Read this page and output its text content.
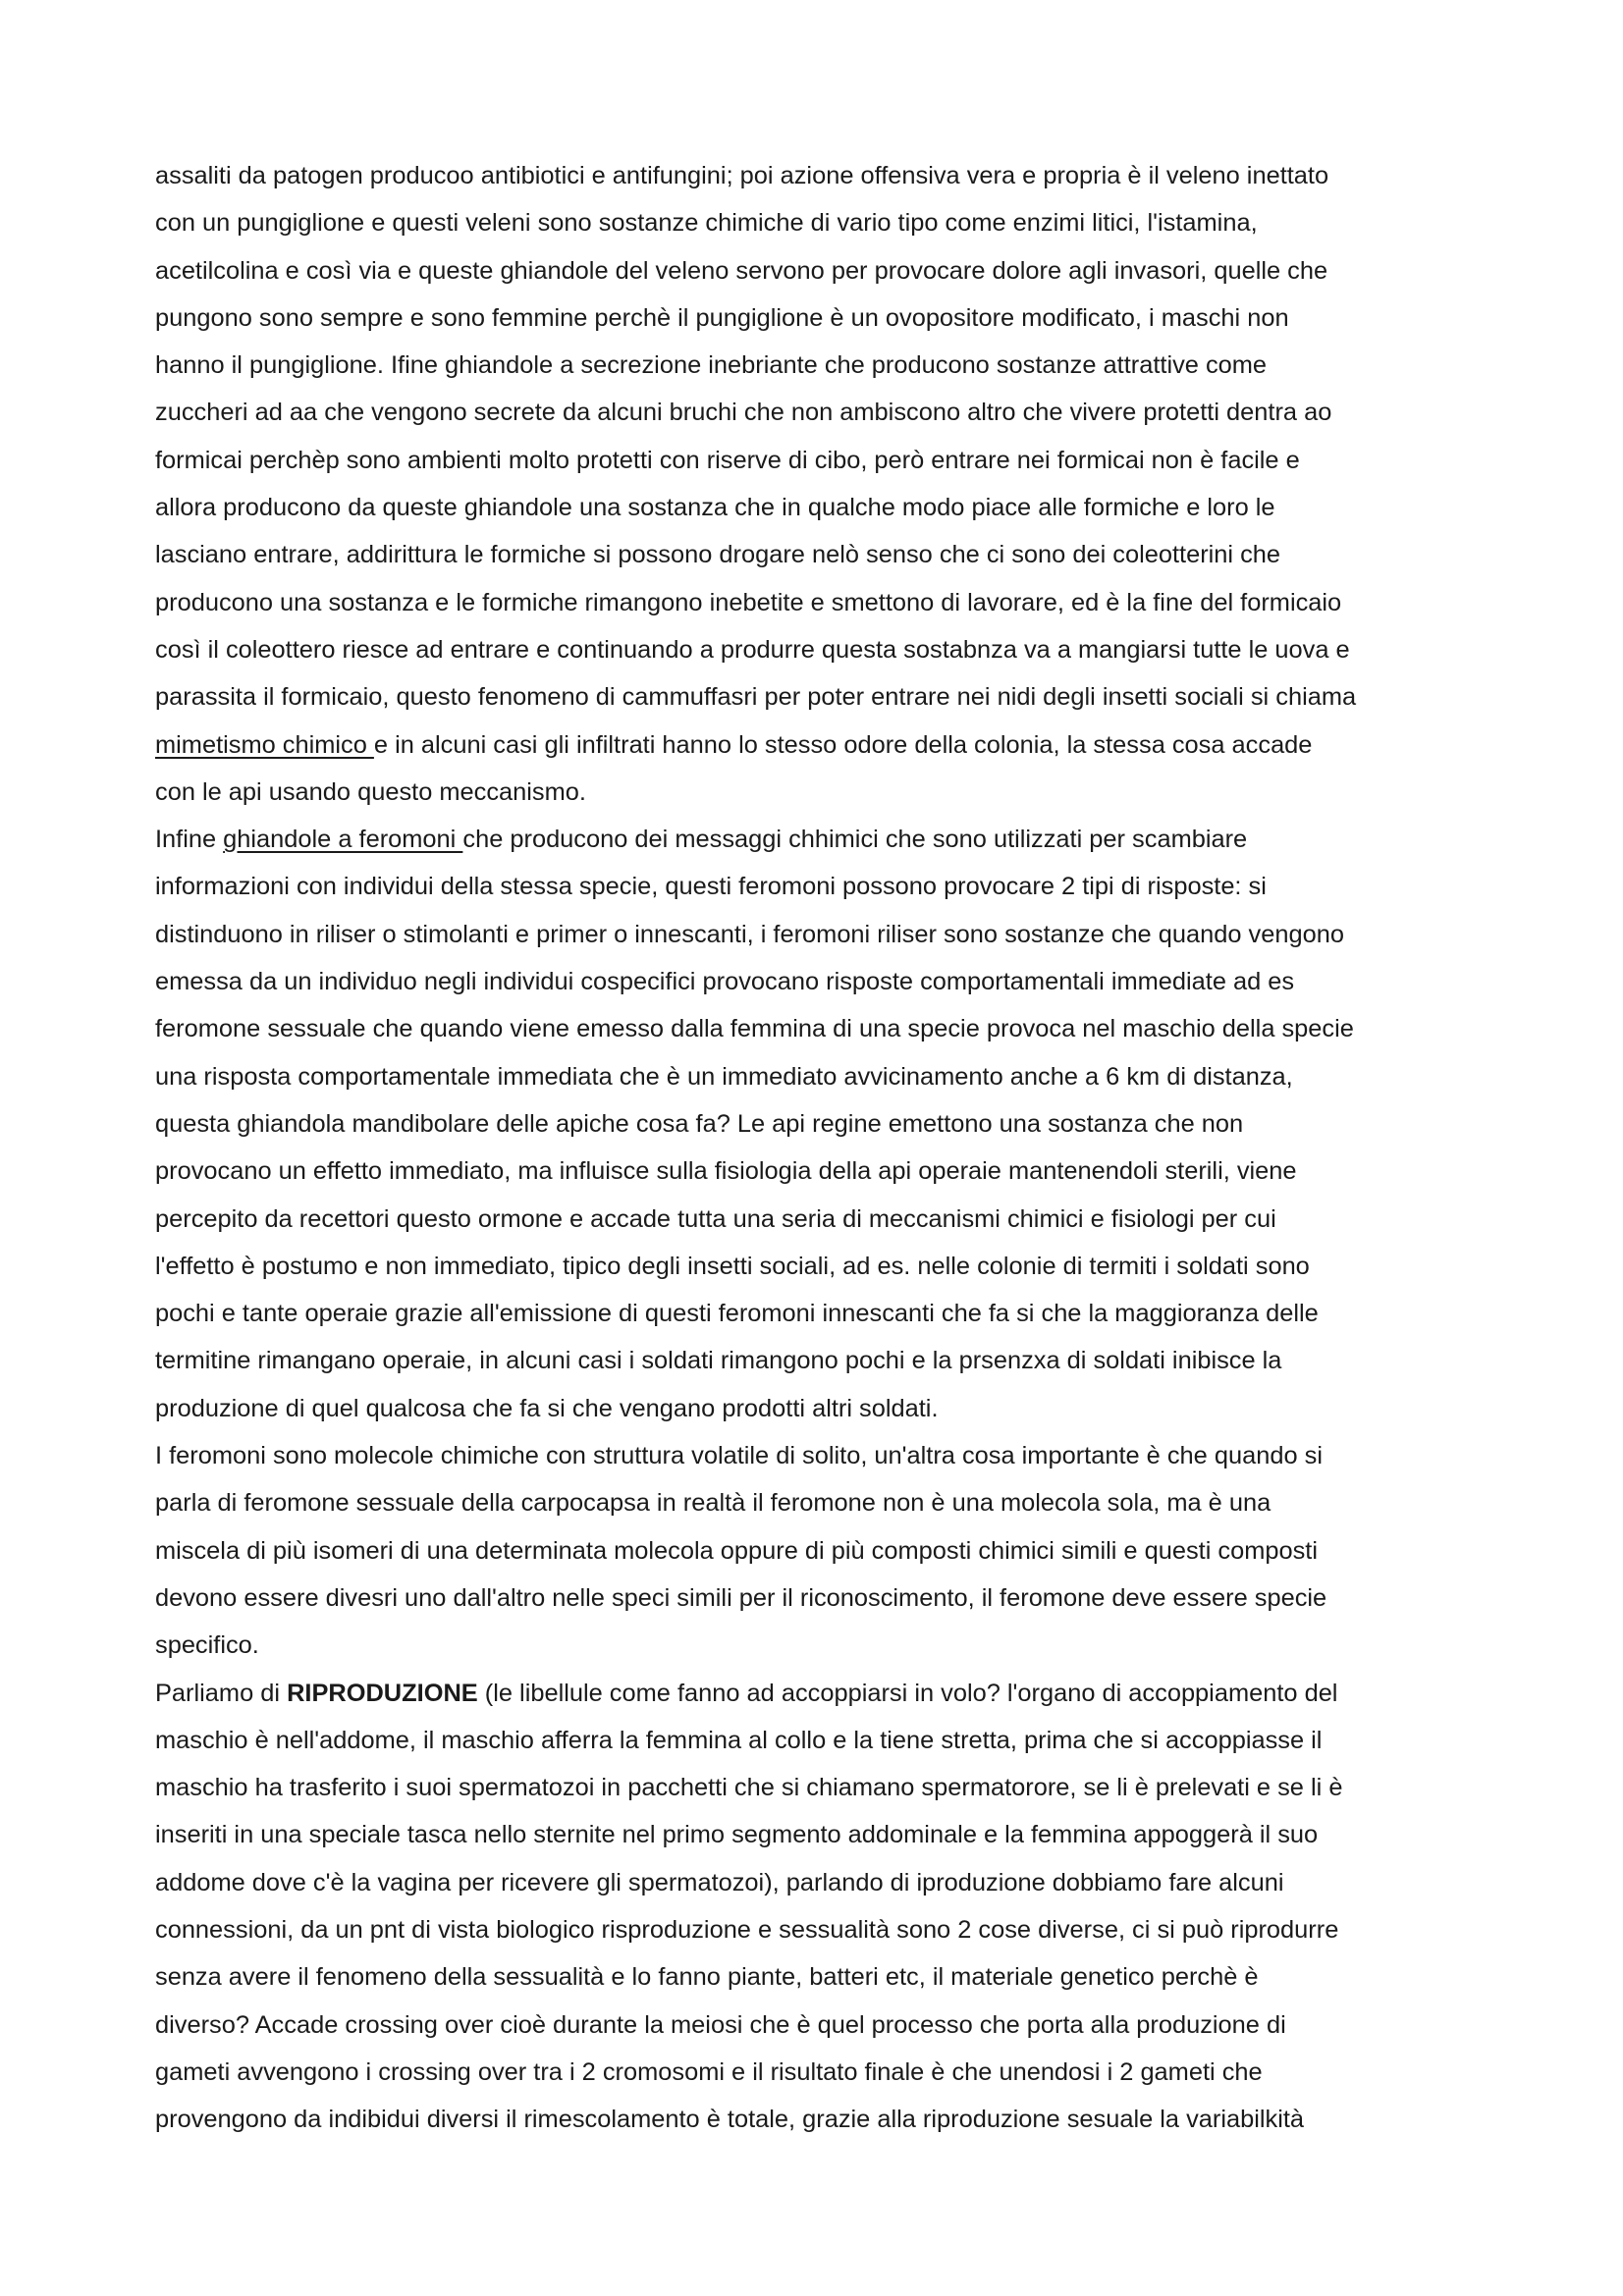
assaliti da patogen producoo antibiotici e antifungini; poi azione offensiva vera e propria è il veleno inettato
con un pungiglione e questi veleni sono sostanze chimiche di vario tipo come enzimi litici, l'istamina,
acetilcolina e così via e queste ghiandole del veleno servono per provocare dolore agli invasori, quelle che
pungono sono sempre e sono femmine perchè il pungiglione è un ovopositore modificato, i maschi non
hanno il pungiglione. Ifine ghiandole a secrezione inebriante che producono sostanze attrattive come
zuccheri ad aa che vengono secrete da alcuni bruchi che non ambiscono altro che vivere protetti dentra ao
formicai perchèp sono ambienti molto protetti con riserve di cibo, però entrare nei formicai non è facile e
allora producono da queste ghiandole una sostanza che in qualche modo piace alle formiche e loro le
lasciano entrare, addirittura le formiche si possono drogare nelò senso che ci sono dei coleotterini che
producono una sostanza e le formiche rimangono inebetite e smettono di lavorare, ed è la fine del formicaio
così il coleottero riesce ad entrare e continuando a produrre questa sostabnza va a mangiarsi tutte le uova e
parassita il formicaio, questo fenomeno di cammuffasri per poter entrare nei nidi degli insetti sociali si chiama
mimetismo chimico e in alcuni casi gli infiltrati hanno lo stesso odore della colonia, la stessa cosa accade
con le api usando questo meccanismo.
Infine ghiandole a feromoni che producono dei messaggi chhimici che sono utilizzati per scambiare
informazioni con individui della stessa specie, questi feromoni possono provocare 2 tipi di risposte: si
distinduono in riliser o stimolanti e primer o innescanti, i feromoni riliser sono sostanze che quando vengono
emessa da un individuo negli individui cospecifici provocano risposte comportamentali immediate ad es
feromone sessuale che quando viene emesso dalla femmina di una specie provoca nel maschio della specie
una risposta comportamentale immediata che è un immediato avvicinamento anche a 6 km di distanza,
questa ghiandola mandibolare delle apiche cosa fa? Le api regine emettono una sostanza che non
provocano un effetto immediato, ma influisce sulla fisiologia della api operaie mantenendoli sterili, viene
percepito da recettori questo ormone e accade tutta una seria di meccanismi chimici e fisiologi per cui
l'effetto è postumo e non immediato, tipico degli insetti sociali, ad es. nelle colonie di termiti i soldati sono
pochi e tante operaie grazie all'emissione di questi feromoni innescanti che fa si che la maggioranza delle
termitine rimangano operaie, in alcuni casi i soldati rimangono pochi e la prsenzxa di soldati inibisce la
produzione di quel qualcosa che fa si che vengano prodotti altri soldati.
I feromoni sono molecole chimiche con struttura volatile di solito, un'altra cosa importante è che quando si
parla di feromone sessuale della carpocapsa in realtà il feromone non è una molecola sola, ma è una
miscela di più isomeri di una determinata molecola oppure di più composti chimici simili e questi composti
devono essere divesri uno dall'altro nelle speci simili per il riconoscimento, il feromone deve essere specie
specifico.
Parliamo di RIPRODUZIONE (le libellule come fanno ad accoppiarsi in volo? l'organo di accoppiamento del
maschio è nell'addome, il maschio afferra la femmina al collo e la tiene stretta, prima che si accoppiasse il
maschio ha trasferito i suoi spermatozoi in pacchetti che si chiamano spermatorore, se li è prelevati e se li è
inseriti in una speciale tasca nello sternite nel primo segmento addominale e la femmina appoggerà il suo
addome dove c'è la vagina per ricevere gli spermatozoi), parlando di iproduzione dobbiamo fare alcuni
connessioni, da un pnt di vista biologico risproduzione e sessualità sono 2 cose diverse, ci si può riprodurre
senza avere il fenomeno della sessualità e lo fanno piante, batteri etc, il materiale genetico perchè è
diverso? Accade crossing over cioè durante la meiosi che è quel processo che porta alla produzione di
gameti avvengono i crossing over tra i 2 cromosomi e il risultato finale è che unendosi i 2 gameti che
provengono da indibidui diversi il rimescolamento è totale, grazie alla riproduzione sesuale la variabilkità
